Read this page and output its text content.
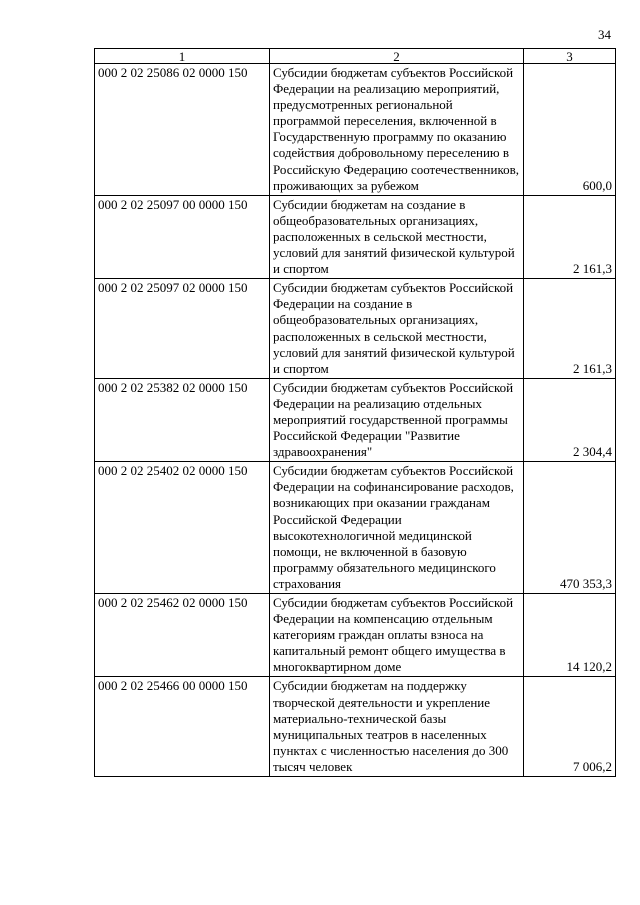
34
1	2	3
000 2 02 25086 02 0000 150	Субсидии бюджетам субъектов Российской Федерации на реализацию мероприятий, предусмотренных региональной программой переселения, включенной в Государственную программу по оказанию содействия добровольному переселению в Российскую Федерацию соотечественников, проживающих за рубежом	600,0
000 2 02 25097 00 0000 150	Субсидии бюджетам на создание в общеобразовательных организациях, расположенных в сельской местности, условий для занятий физической культурой и спортом	2 161,3
000 2 02 25097 02 0000 150	Субсидии бюджетам субъектов Российской Федерации на создание в общеобразовательных организациях, расположенных в сельской местности, условий для занятий физической культурой и спортом	2 161,3
000 2 02 25382 02 0000 150	Субсидии бюджетам субъектов Российской Федерации на реализацию отдельных мероприятий государственной программы Российской Федерации "Развитие здравоохранения"	2 304,4
000 2 02 25402 02 0000 150	Субсидии бюджетам субъектов Российской Федерации на софинансирование расходов, возникающих при оказании гражданам Российской Федерации высокотехнологичной медицинской помощи, не включенной в базовую программу обязательного медицинского страхования	470 353,3
000 2 02 25462 02 0000 150	Субсидии бюджетам субъектов Российской Федерации на компенсацию отдельным категориям граждан оплаты взноса на капитальный ремонт общего имущества в многоквартирном доме	14 120,2
000 2 02 25466 00 0000 150	Субсидии бюджетам на поддержку творческой деятельности и укрепление материально-технической базы муниципальных театров в населенных пунктах с численностью населения до 300 тысяч человек	7 006,2
